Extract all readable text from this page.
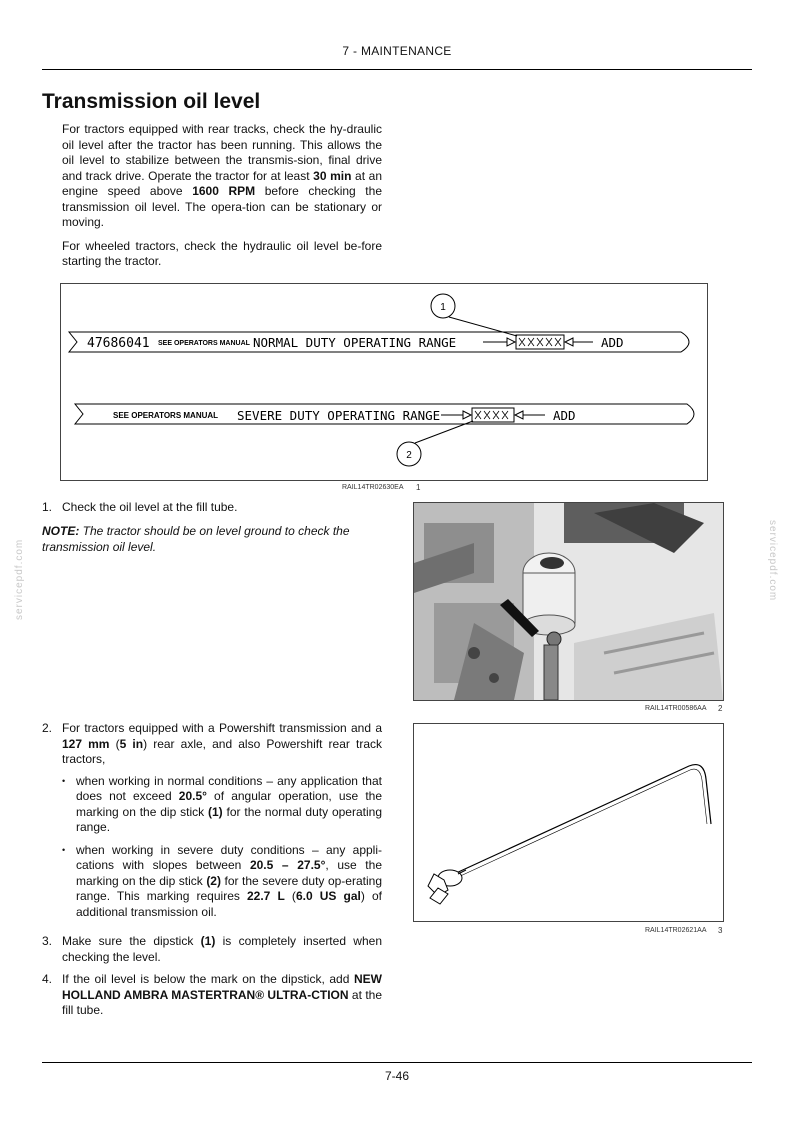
7 - MAINTENANCE
Transmission oil level

For tractors equipped with rear tracks, check the hy-draulic oil level after the tractor has been running. This allows the oil level to stabilize between the transmis-sion, final drive and track drive. Operate the tractor for at least 30 min at an engine speed above 1600 RPM before checking the transmission oil level. The opera-tion can be stationary or moving.

For wheeled tractors, check the hydraulic oil level be-fore starting the tractor.

47686041 SEE OPERATORS MANUAL NORMAL DUTY OPERATING RANGE	ADD
SEE OPERATORS MANUAL SEVERE DUTY OPERATING RANGE	ADD
1
2
RAIL14TR02630EA 1
1. Check the oil level at the fill tube.
NOTE: The tractor should be on level ground to check the transmission oil level.
RAIL14TR00586AA 2
RAIL14TR02621AA 3
2. For tractors equipped with a Powershift transmission and a 127 mm (5 in) rear axle, and also Powershift rear track tractors,
• when working in normal conditions – any application that does not exceed 20.5° of angular operation, use the marking on the dip stick (1) for the normal duty operating range.
• when working in severe duty conditions – any appli-cations with slopes between 20.5 – 27.5°, use the marking on the dip stick (2) for the severe duty op-erating range. This marking requires 22.7 L (6.0 US gal) of additional transmission oil.
3. Make sure the dipstick (1) is completely inserted when checking the level.
4. If the oil level is below the mark on the dipstick, add NEW HOLLAND AMBRA MASTERTRAN® ULTRA-CTION at the fill tube.
servicepdf.com	servicepdf.com
7-46
